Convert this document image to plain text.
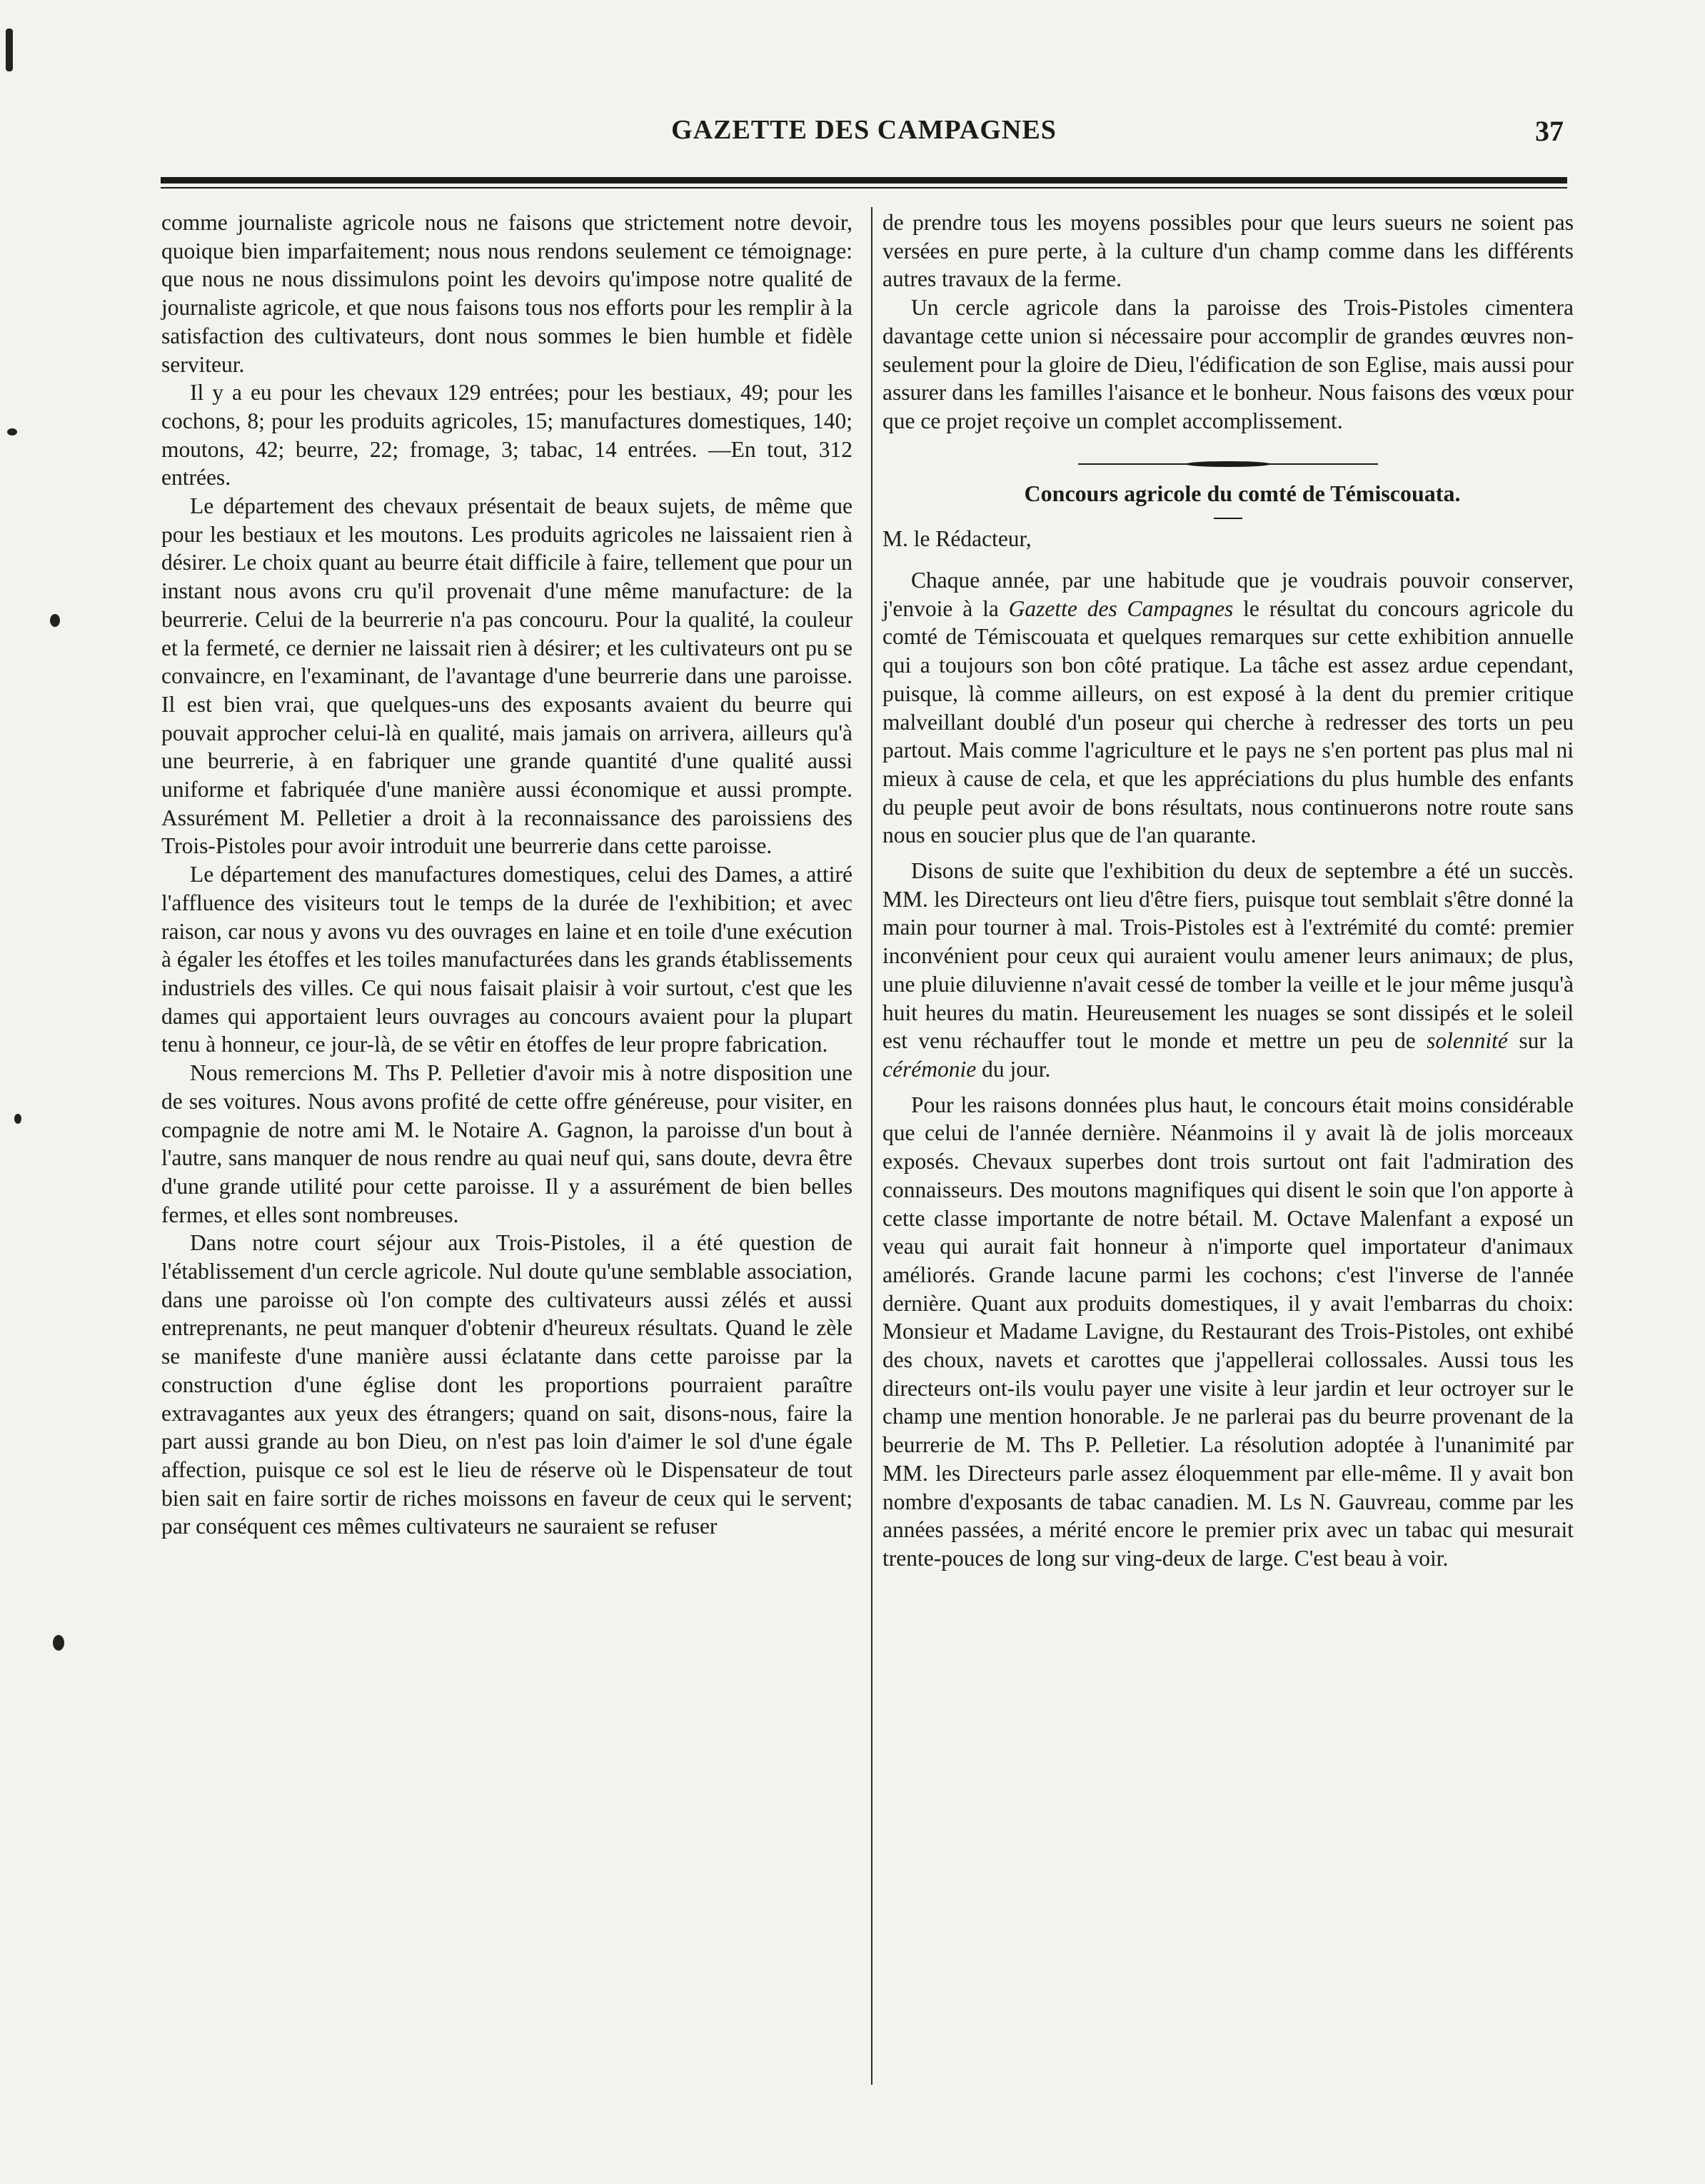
GAZETTE DES CAMPAGNES	37

comme journaliste agricole nous ne faisons que strictement notre devoir, quoique bien imparfaitement; nous nous rendons seulement ce témoignage: que nous ne nous dissimulons point les devoirs qu'impose notre qualité de journaliste agricole, et que nous faisons tous nos efforts pour les remplir à la satisfaction des cultivateurs, dont nous sommes le bien humble et fidèle serviteur.

Il y a eu pour les chevaux 129 entrées; pour les bestiaux, 49; pour les cochons, 8; pour les produits agricoles, 15; manufactures domestiques, 140; moutons, 42; beurre, 22; fromage, 3; tabac, 14 entrées. —En tout, 312 entrées.

Le département des chevaux présentait de beaux sujets, de même que pour les bestiaux et les moutons. Les produits agricoles ne laissaient rien à désirer. Le choix quant au beurre était difficile à faire, tellement que pour un instant nous avons cru qu'il provenait d'une même manufacture: de la beurrerie. Celui de la beurrerie n'a pas concouru. Pour la qualité, la couleur et la fermeté, ce dernier ne laissait rien à désirer; et les cultivateurs ont pu se convaincre, en l'examinant, de l'avantage d'une beurrerie dans une paroisse. Il est bien vrai, que quelques-uns des exposants avaient du beurre qui pouvait approcher celui-là en qualité, mais jamais on arrivera, ailleurs qu'à une beurrerie, à en fabriquer une grande quantité d'une qualité aussi uniforme et fabriquée d'une manière aussi économique et aussi prompte. Assurément M. Pelletier a droit à la reconnaissance des paroissiens des Trois-Pistoles pour avoir introduit une beurrerie dans cette paroisse.

Le département des manufactures domestiques, celui des Dames, a attiré l'affluence des visiteurs tout le temps de la durée de l'exhibition; et avec raison, car nous y avons vu des ouvrages en laine et en toile d'une exécution à égaler les étoffes et les toiles manufacturées dans les grands établissements industriels des villes. Ce qui nous faisait plaisir à voir surtout, c'est que les dames qui apportaient leurs ouvrages au concours avaient pour la plupart tenu à honneur, ce jour-là, de se vêtir en étoffes de leur propre fabrication.

Nous remercions M. Ths P. Pelletier d'avoir mis à notre disposition une de ses voitures. Nous avons profité de cette offre généreuse, pour visiter, en compagnie de notre ami M. le Notaire A. Gagnon, la paroisse d'un bout à l'autre, sans manquer de nous rendre au quai neuf qui, sans doute, devra être d'une grande utilité pour cette paroisse. Il y a assurément de bien belles fermes, et elles sont nombreuses.

Dans notre court séjour aux Trois-Pistoles, il a été question de l'établissement d'un cercle agricole. Nul doute qu'une semblable association, dans une paroisse où l'on compte des cultivateurs aussi zélés et aussi entreprenants, ne peut manquer d'obtenir d'heureux résultats. Quand le zèle se manifeste d'une manière aussi éclatante dans cette paroisse par la construction d'une église dont les proportions pourraient paraître extravagantes aux yeux des étrangers; quand on sait, disons-nous, faire la part aussi grande au bon Dieu, on n'est pas loin d'aimer le sol d'une égale affection, puisque ce sol est le lieu de réserve où le Dispensateur de tout bien sait en faire sortir de riches moissons en faveur de ceux qui le servent; par conséquent ces mêmes cultivateurs ne sauraient se refuser

de prendre tous les moyens possibles pour que leurs sueurs ne soient pas versées en pure perte, à la culture d'un champ comme dans les différents autres travaux de la ferme.

Un cercle agricole dans la paroisse des Trois-Pistoles cimentera davantage cette union si nécessaire pour accomplir de grandes œuvres non-seulement pour la gloire de Dieu, l'édification de son Eglise, mais aussi pour assurer dans les familles l'aisance et le bonheur. Nous faisons des vœux pour que ce projet reçoive un complet accomplissement.

Concours agricole du comté de Témiscouata.

M. le Rédacteur,

Chaque année, par une habitude que je voudrais pouvoir conserver, j'envoie à la Gazette des Campagnes le résultat du concours agricole du comté de Témiscouata et quelques remarques sur cette exhibition annuelle qui a toujours son bon côté pratique. La tâche est assez ardue cependant, puisque, là comme ailleurs, on est exposé à la dent du premier critique malveillant doublé d'un poseur qui cherche à redresser des torts un peu partout. Mais comme l'agriculture et le pays ne s'en portent pas plus mal ni mieux à cause de cela, et que les appréciations du plus humble des enfants du peuple peut avoir de bons résultats, nous continuerons notre route sans nous en soucier plus que de l'an quarante.

Disons de suite que l'exhibition du deux de septembre a été un succès. MM. les Directeurs ont lieu d'être fiers, puisque tout semblait s'être donné la main pour tourner à mal. Trois-Pistoles est à l'extrémité du comté: premier inconvénient pour ceux qui auraient voulu amener leurs animaux; de plus, une pluie diluvienne n'avait cessé de tomber la veille et le jour même jusqu'à huit heures du matin. Heureusement les nuages se sont dissipés et le soleil est venu réchauffer tout le monde et mettre un peu de solennité sur la cérémonie du jour.

Pour les raisons données plus haut, le concours était moins considérable que celui de l'année dernière. Néanmoins il y avait là de jolis morceaux exposés. Chevaux superbes dont trois surtout ont fait l'admiration des connaisseurs. Des moutons magnifiques qui disent le soin que l'on apporte à cette classe importante de notre bétail. M. Octave Malenfant a exposé un veau qui aurait fait honneur à n'importe quel importateur d'animaux améliorés. Grande lacune parmi les cochons; c'est l'inverse de l'année dernière. Quant aux produits domestiques, il y avait l'embarras du choix: Monsieur et Madame Lavigne, du Restaurant des Trois-Pistoles, ont exhibé des choux, navets et carottes que j'appellerai collossales. Aussi tous les directeurs ont-ils voulu payer une visite à leur jardin et leur octroyer sur le champ une mention honorable. Je ne parlerai pas du beurre provenant de la beurrerie de M. Ths P. Pelletier. La résolution adoptée à l'unanimité par MM. les Directeurs parle assez éloquemment par elle-même. Il y avait bon nombre d'exposants de tabac canadien. M. Ls N. Gauvreau, comme par les années passées, a mérité encore le premier prix avec un tabac qui mesurait trente-pouces de long sur ving-deux de large. C'est beau à voir.
